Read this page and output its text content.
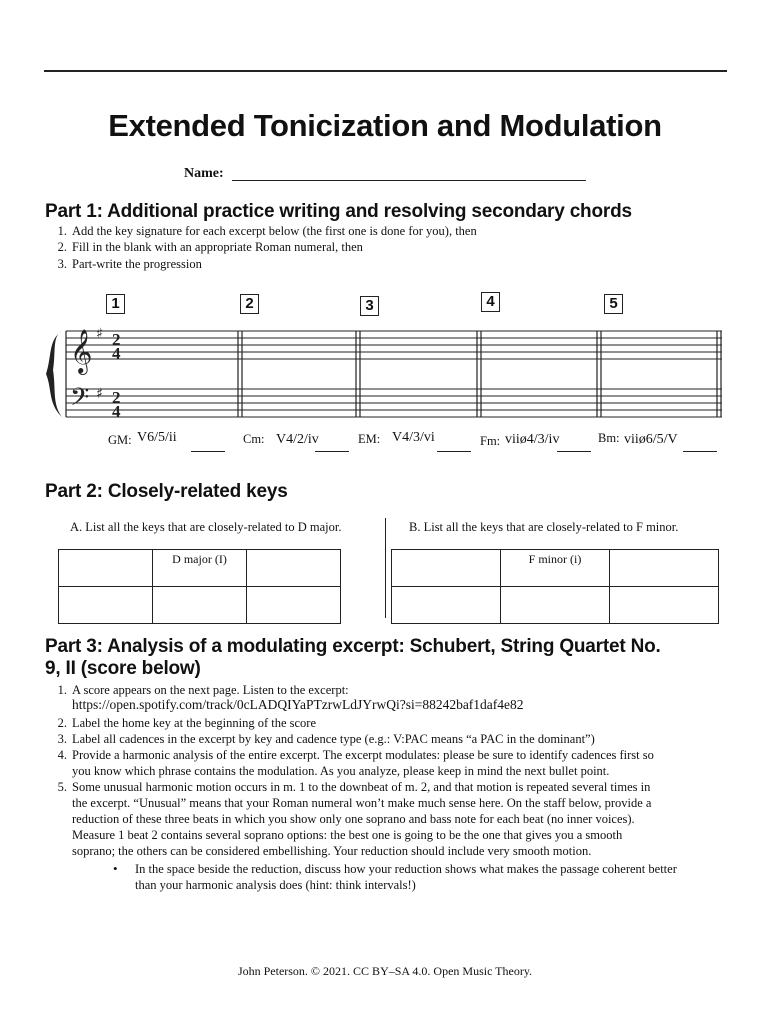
Extended Tonicization and Modulation
Name:
Part 1: Additional practice writing and resolving secondary chords
1. Add the key signature for each excerpt below (the first one is done for you), then
2. Fill in the blank with an appropriate Roman numeral, then
3. Part-write the progression
1	2	3	4	5
𝄞
𝄢
♯
♯
2
4
2
4
GM: V6/5/ii	Cm: V4/2/iv	EM: V4/3/vi	Fm: viiø4/3/iv	Bm: viiø6/5/V
Part 2: Closely-related keys
A. List all the keys that are closely-related to D major.	B. List all the keys that are closely-related to F minor.
	D major (I)	

		F minor (i)	

Part 3: Analysis of a modulating excerpt: Schubert, String Quartet No.
9, II (score below)
1. A score appears on the next page. Listen to the excerpt:
https://open.spotify.com/track/0cLADQIYaPTzrwLdJYrwQi?si=88242baf1daf4e82
2. Label the home key at the beginning of the score
3. Label all cadences in the excerpt by key and cadence type (e.g.: V:PAC means “a PAC in the dominant”)
4. Provide a harmonic analysis of the entire excerpt. The excerpt modulates: please be sure to identify cadences first so
you know which phrase contains the modulation. As you analyze, please keep in mind the next bullet point.
5. Some unusual harmonic motion occurs in m. 1 to the downbeat of m. 2, and that motion is repeated several times in
the excerpt. “Unusual” means that your Roman numeral won’t make much sense here. On the staff below, provide a
reduction of these three beats in which you show only one soprano and bass note for each beat (no inner voices).
Measure 1 beat 2 contains several soprano options: the best one is going to be the one that gives you a smooth
soprano; the others can be considered embellishing. Your reduction should include very smooth motion.
• In the space beside the reduction, discuss how your reduction shows what makes the passage coherent better
than your harmonic analysis does (hint: think intervals!)
John Peterson. © 2021. CC BY–SA 4.0. Open Music Theory.
